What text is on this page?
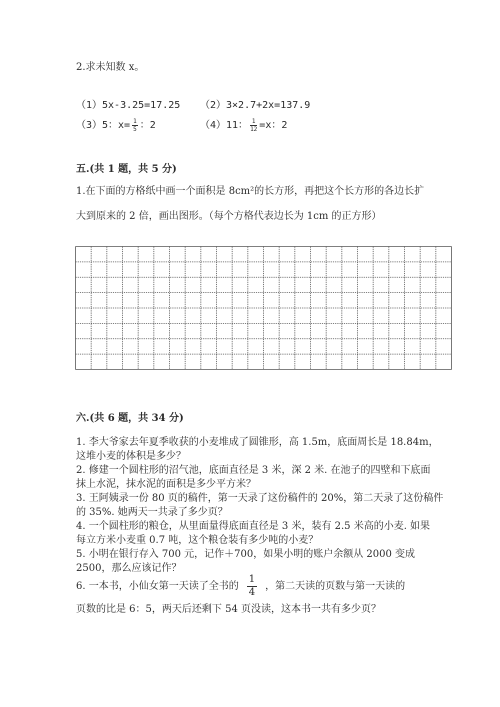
2.求未知数 x。
（1）5x-3.25=17.25 （2）3×2.7+2x=137.9
（3）5：$x= \frac{1}{5}$ ：2	（4）11： $\frac{1}{12} =x$：2
五.(共 1 题，共 5 分)
1.在下面的方格纸中画一个面积是 8cm²的长方形，再把这个长方形的各边长扩
大到原来的 2 倍，画出图形。（每个方格代表边长为 1cm 的正方形）
六.(共 6 题，共 34 分)
1. 李大爷家去年夏季收获的小麦堆成了圆锥形，高 1.5m，底面周长是 18.84m，
这堆小麦的体积是多少？
2. 修建一个圆柱形的沼气池，底面直径是 3 米，深 2 米. 在池子的四壁和下底面
抹上水泥，抹水泥的面积是多少平方米？
3. 王阿姨录一份 80 页的稿件，第一天录了这份稿件的 20%，第二天录了这份稿件
的 35%. 她两天一共录了多少页？
4. 一个圆柱形的粮仓，从里面量得底面直径是 3 米，装有 2.5 米高的小麦. 如果
每立方米小麦重 0.7 吨，这个粮仓装有多少吨的小麦？
5. 小明在银行存入 700 元，记作＋700，如果小明的账户余额从 2000 变成
2500，那么应该记作？
6. 一本书，小仙女第一天读了全书的 $\frac{1}{4}$ ，第二天读的页数与第一天读的
页数的比是 6：5，两天后还剩下 54 页没读，这本书一共有多少页？
